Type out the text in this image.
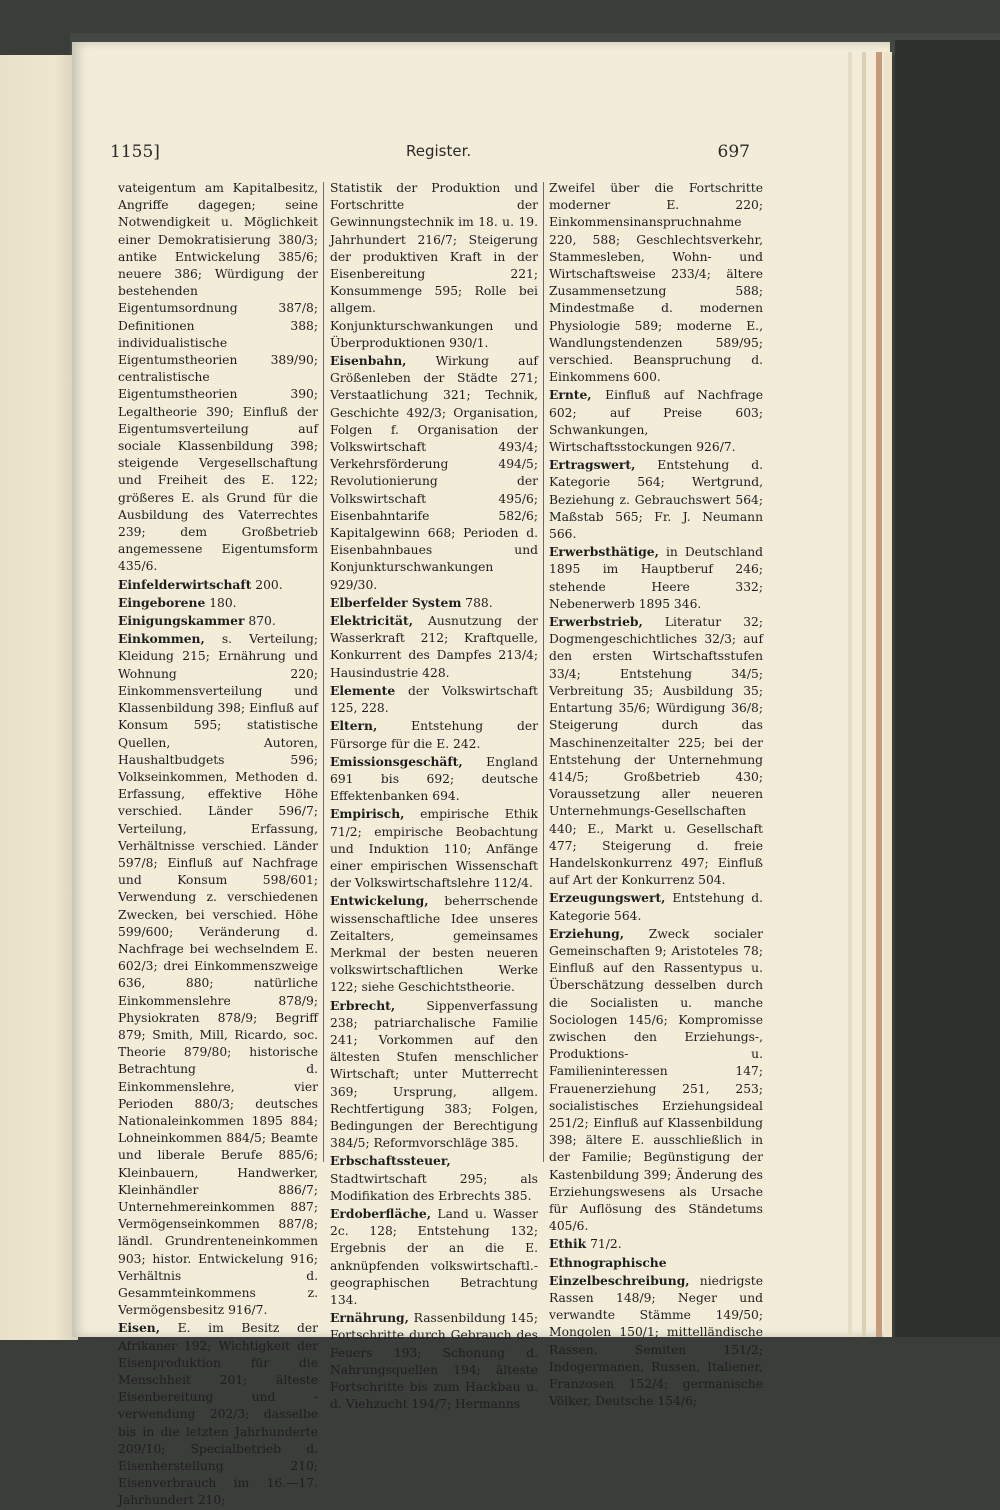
1155]	Register.	697

vateigentum am Kapitalbesitz, Angriffe dagegen; seine Notwendigkeit u. Möglichkeit einer Demokratisierung 380/3; antike Entwickelung 385/6; neuere 386; Würdigung der bestehenden Eigentumsordnung 387/8; Definitionen 388; individualistische Eigentumstheorien 389/90; centralistische Eigentumstheorien 390; Legaltheorie 390; Einfluß der Eigentumsverteilung auf sociale Klassenbildung 398; steigende Vergesellschaftung und Freiheit des E. 122; größeres E. als Grund für die Ausbildung des Vaterrechtes 239; dem Großbetrieb angemessene Eigentumsform 435/6.

Einfelderwirtschaft 200.

Eingeborene 180.

Einigungskammer 870.

Einkommen, s. Verteilung; Kleidung 215; Ernährung und Wohnung 220; Einkommensverteilung und Klassenbildung 398; Einfluß auf Konsum 595; statistische Quellen, Autoren, Haushaltbudgets 596; Volkseinkommen, Methoden d. Erfassung, effektive Höhe verschied. Länder 596/7; Verteilung, Erfassung, Verhältnisse verschied. Länder 597/8; Einfluß auf Nachfrage und Konsum 598/601; Verwendung z. verschiedenen Zwecken, bei verschied. Höhe 599/600; Veränderung d. Nachfrage bei wechselndem E. 602/3; drei Einkommenszweige 636, 880; natürliche Einkommenslehre 878/9; Physiokraten 878/9; Begriff 879; Smith, Mill, Ricardo, soc. Theorie 879/80; historische Betrachtung d. Einkommenslehre, vier Perioden 880/3; deutsches Nationaleinkommen 1895 884; Lohneinkommen 884/5; Beamte und liberale Berufe 885/6; Kleinbauern, Handwerker, Kleinhändler 886/7; Unternehmereinkommen 887; Vermögenseinkommen 887/8; ländl. Grundrenteneinkommen 903; histor. Entwickelung 916; Verhältnis d. Gesammteinkommens z. Vermögensbesitz 916/7.

Eisen, E. im Besitz der Afrikaner 192; Wichtigkeit der Eisenproduktion für die Menschheit 201; älteste Eisenbereitung und -verwendung 202/3; dasselbe bis in die letzten Jahrhunderte 209/10; Specialbetrieb d. Eisenherstellung 210; Eisenverbrauch im 16.—17. Jahrhundert 210;

Statistik der Produktion und Fortschritte der Gewinnungstechnik im 18. u. 19. Jahrhundert 216/7; Steigerung der produktiven Kraft in der Eisenbereitung 221; Konsummenge 595; Rolle bei allgem. Konjunkturschwankungen und Überproduktionen 930/1.

Eisenbahn, Wirkung auf Größenleben der Städte 271; Verstaatlichung 321; Technik, Geschichte 492/3; Organisation, Folgen f. Organisation der Volkswirtschaft 493/4; Verkehrsförderung 494/5; Revolutionierung der Volkswirtschaft 495/6; Eisenbahntarife 582/6; Kapitalgewinn 668; Perioden d. Eisenbahnbaues und Konjunkturschwankungen 929/30.

Elberfelder System 788.

Elektricität, Ausnutzung der Wasserkraft 212; Kraftquelle, Konkurrent des Dampfes 213/4; Hausindustrie 428.

Elemente der Volkswirtschaft 125, 228.

Eltern, Entstehung der Fürsorge für die E. 242.

Emissionsgeschäft, England 691 bis 692; deutsche Effektenbanken 694.

Empirisch, empirische Ethik 71/2; empirische Beobachtung und Induktion 110; Anfänge einer empirischen Wissenschaft der Volkswirtschaftslehre 112/4.

Entwickelung, beherrschende wissenschaftliche Idee unseres Zeitalters, gemeinsames Merkmal der besten neueren volkswirtschaftlichen Werke 122; siehe Geschichtstheorie.

Erbrecht, Sippenverfassung 238; patriarchalische Familie 241; Vorkommen auf den ältesten Stufen menschlicher Wirtschaft; unter Mutterrecht 369; Ursprung, allgem. Rechtfertigung 383; Folgen, Bedingungen der Berechtigung 384/5; Reformvorschläge 385.

Erbschaftssteuer, Stadtwirtschaft 295; als Modifikation des Erbrechts 385.

Erdoberfläche, Land u. Wasser 2c. 128; Entstehung 132; Ergebnis der an die E. anknüpfenden volkswirtschaftl.-geographischen Betrachtung 134.

Ernährung, Rassenbildung 145; Fortschritte durch Gebrauch des Feuers 193; Schonung d. Nahrungsquellen 194; älteste Fortschritte bis zum Hackbau u. d. Viehzucht 194/7; Hermanns

Zweifel über die Fortschritte moderner E. 220; Einkommensinanspruchnahme 220, 588; Geschlechtsverkehr, Stammesleben, Wohn- und Wirtschaftsweise 233/4; ältere Zusammensetzung 588; Mindestmaße d. modernen Physiologie 589; moderne E., Wandlungstendenzen 589/95; verschied. Beanspruchung d. Einkommens 600.

Ernte, Einfluß auf Nachfrage 602; auf Preise 603; Schwankungen, Wirtschaftsstockungen 926/7.

Ertragswert, Entstehung d. Kategorie 564; Wertgrund, Beziehung z. Gebrauchswert 564; Maßstab 565; Fr. J. Neumann 566.

Erwerbsthätige, in Deutschland 1895 im Hauptberuf 246; stehende Heere 332; Nebenerwerb 1895 346.

Erwerbstrieb, Literatur 32; Dogmengeschichtliches 32/3; auf den ersten Wirtschaftsstufen 33/4; Entstehung 34/5; Verbreitung 35; Ausbildung 35; Entartung 35/6; Würdigung 36/8; Steigerung durch das Maschinenzeitalter 225; bei der Entstehung der Unternehmung 414/5; Großbetrieb 430; Voraussetzung aller neueren Unternehmungs-Gesellschaften 440; E., Markt u. Gesellschaft 477; Steigerung d. freie Handelskonkurrenz 497; Einfluß auf Art der Konkurrenz 504.

Erzeugungswert, Entstehung d. Kategorie 564.

Erziehung, Zweck socialer Gemeinschaften 9; Aristoteles 78; Einfluß auf den Rassentypus u. Überschätzung desselben durch die Socialisten u. manche Sociologen 145/6; Kompromisse zwischen den Erziehungs-, Produktions- u. Familieninteressen 147; Frauenerziehung 251, 253; socialistisches Erziehungsideal 251/2; Einfluß auf Klassenbildung 398; ältere E. ausschließlich in der Familie; Begünstigung der Kastenbildung 399; Änderung des Erziehungswesens als Ursache für Auflösung des Ständetums 405/6.

Ethik 71/2.

Ethnographische Einzelbeschreibung, niedrigste Rassen 148/9; Neger und verwandte Stämme 149/50; Mongolen 150/1; mittelländische Rassen, Semiten 151/2; Indogermanen, Russen, Italiener, Franzosen 152/4; germanische Völker, Deutsche 154/6;
